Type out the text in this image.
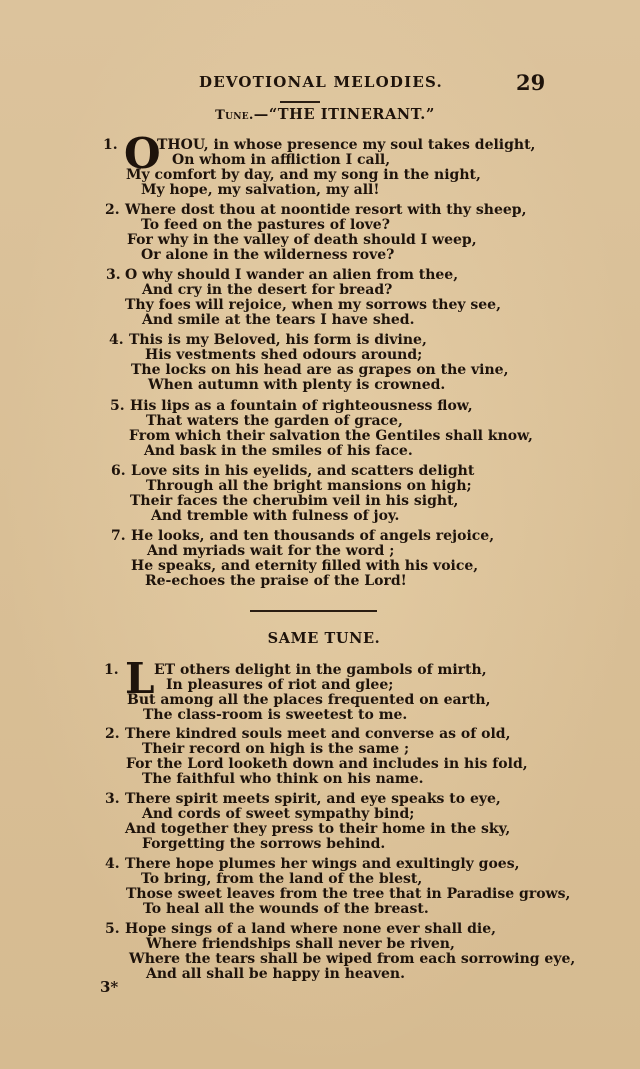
DEVOTIONAL MELODIES.	29
Tune.—“THE ITINERANT.”
1. O
THOU, in whose presence my soul takes delight,
On whom in affliction I call,
My comfort by day, and my song in the night,
My hope, my salvation, my all!
2. Where dost thou at noontide resort with thy sheep,
To feed on the pastures of love?
For why in the valley of death should I weep,
Or alone in the wilderness rove?
3. O why should I wander an alien from thee,
And cry in the desert for bread?
Thy foes will rejoice, when my sorrows they see,
And smile at the tears I have shed.
4. This is my Beloved, his form is divine,
His vestments shed odours around;
The locks on his head are as grapes on the vine,
When autumn with plenty is crowned.
5. His lips as a fountain of righteousness flow,
That waters the garden of grace,
From which their salvation the Gentiles shall know,
And bask in the smiles of his face.
6. Love sits in his eyelids, and scatters delight
Through all the bright mansions on high;
Their faces the cherubim veil in his sight,
And tremble with fulness of joy.
7. He looks, and ten thousands of angels rejoice,
And myriads wait for the word ;
He speaks, and eternity filled with his voice,
Re-echoes the praise of the Lord!
SAME TUNE.
1. L ET others delight in the gambols of mirth,
In pleasures of riot and glee;
But among all the places frequented on earth,
The class-room is sweetest to me.
2. There kindred souls meet and converse as of old,
Their record on high is the same ;
For the Lord looketh down and includes in his fold,
The faithful who think on his name.
3. There spirit meets spirit, and eye speaks to eye,
And cords of sweet sympathy bind;
And together they press to their home in the sky,
Forgetting the sorrows behind.
4. There hope plumes her wings and exultingly goes,
To bring, from the land of the blest,
Those sweet leaves from the tree that in Paradise grows,
To heal all the wounds of the breast.
5. Hope sings of a land where none ever shall die,
Where friendships shall never be riven,
Where the tears shall be wiped from each sorrowing eye,
And all shall be happy in heaven.
3*
